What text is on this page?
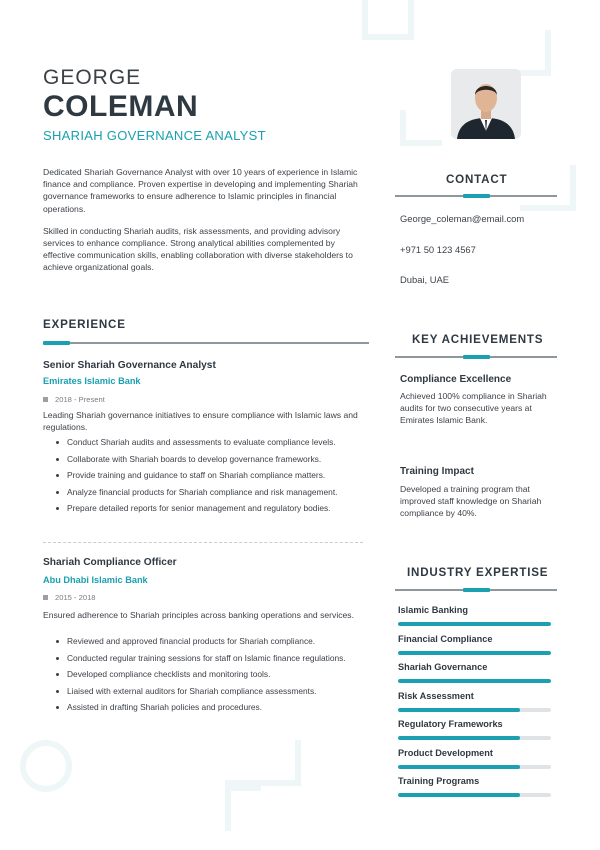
GEORGE
COLEMAN
SHARIAH GOVERNANCE ANALYST

Dedicated Shariah Governance Analyst with over 10 years of experience in Islamic finance and compliance. Proven expertise in developing and implementing Shariah governance frameworks to ensure adherence to Islamic principles in financial operations.

Skilled in conducting Shariah audits, risk assessments, and providing advisory services to enhance compliance. Strong analytical abilities complemented by effective communication skills, enabling collaboration with diverse stakeholders to achieve organizational goals.

EXPERIENCE
Senior Shariah Governance Analyst
Emirates Islamic Bank
2018 - Present
Leading Shariah governance initiatives to ensure compliance with Islamic laws and regulations.
Conduct Shariah audits and assessments to evaluate compliance levels.
Collaborate with Shariah boards to develop governance frameworks.
Provide training and guidance to staff on Shariah compliance matters.
Analyze financial products for Shariah compliance and risk management.
Prepare detailed reports for senior management and regulatory bodies.
Shariah Compliance Officer
Abu Dhabi Islamic Bank
2015 - 2018
Ensured adherence to Shariah principles across banking operations and services.
Reviewed and approved financial products for Shariah compliance.
Conducted regular training sessions for staff on Islamic finance regulations.
Developed compliance checklists and monitoring tools.
Liaised with external auditors for Shariah compliance assessments.
Assisted in drafting Shariah policies and procedures.
CONTACT
George_coleman@email.com
+971 50 123 4567
Dubai, UAE
KEY ACHIEVEMENTS
Compliance Excellence
Achieved 100% compliance in Shariah audits for two consecutive years at Emirates Islamic Bank.
Training Impact
Developed a training program that improved staff knowledge on Shariah compliance by 40%.
INDUSTRY EXPERTISE
Islamic Banking
Financial Compliance
Shariah Governance
Risk Assessment
Regulatory Frameworks
Product Development
Training Programs
